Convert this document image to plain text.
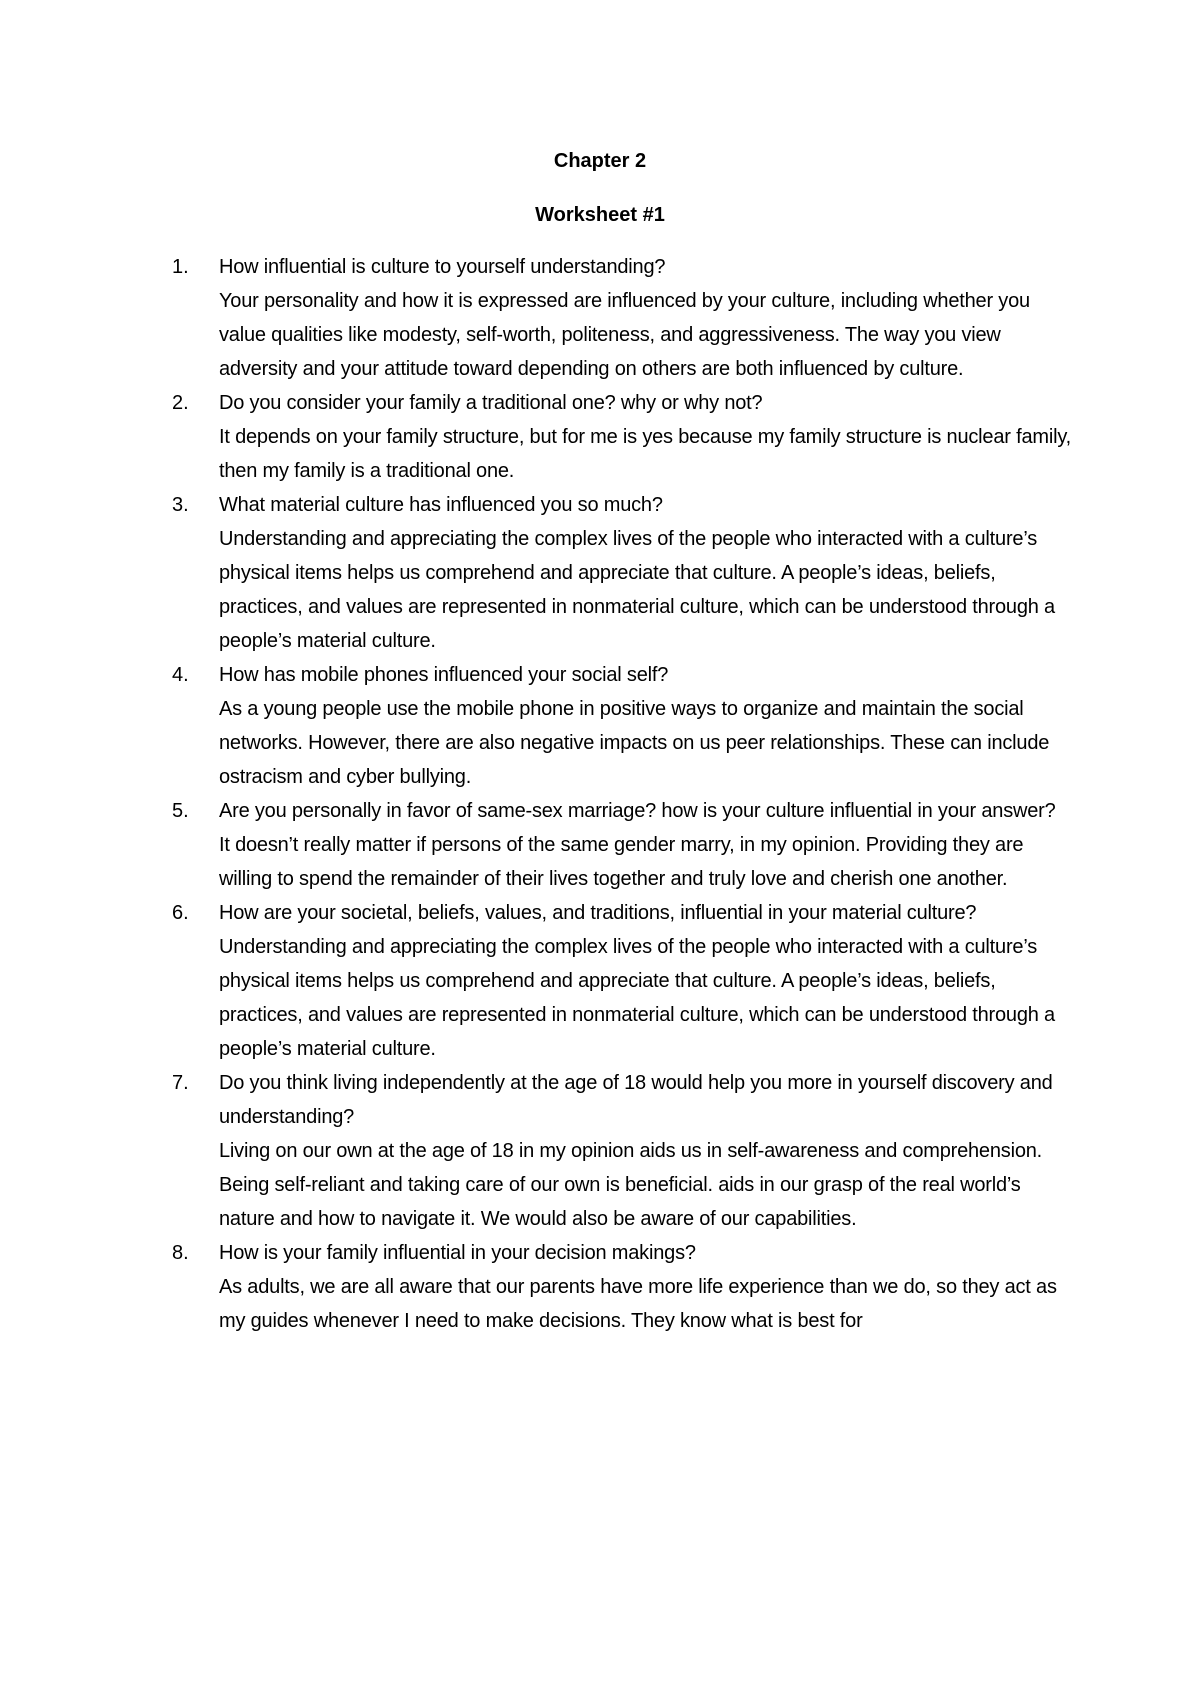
Chapter 2
Worksheet #1
1. How influential is culture to yourself understanding?
Your personality and how it is expressed are influenced by your culture, including whether you value qualities like modesty, self-worth, politeness, and aggressiveness. The way you view adversity and your attitude toward depending on others are both influenced by culture.
2. Do you consider your family a traditional one? why or why not?
It depends on your family structure, but for me is yes because my family structure is nuclear family, then my family is a traditional one.
3. What material culture has influenced you so much?
Understanding and appreciating the complex lives of the people who interacted with a culture’s physical items helps us comprehend and appreciate that culture. A people’s ideas, beliefs, practices, and values are represented in nonmaterial culture, which can be understood through a people’s material culture.
4. How has mobile phones influenced your social self?
As a young people use the mobile phone in positive ways to organize and maintain the social networks. However, there are also negative impacts on us peer relationships. These can include ostracism and cyber bullying.
5. Are you personally in favor of same-sex marriage? how is your culture influential in your answer?
It doesn’t really matter if persons of the same gender marry, in my opinion. Providing they are willing to spend the remainder of their lives together and truly love and cherish one another.
6. How are your societal, beliefs, values, and traditions, influential in your material culture?
Understanding and appreciating the complex lives of the people who interacted with a culture’s physical items helps us comprehend and appreciate that culture. A people’s ideas, beliefs, practices, and values are represented in nonmaterial culture, which can be understood through a people’s material culture.
7. Do you think living independently at the age of 18 would help you more in yourself discovery and understanding?
Living on our own at the age of 18 in my opinion aids us in self-awareness and comprehension. Being self-reliant and taking care of our own is beneficial. aids in our grasp of the real world’s nature and how to navigate it. We would also be aware of our capabilities.
8. How is your family influential in your decision makings?
As adults, we are all aware that our parents have more life experience than we do, so they act as my guides whenever I need to make decisions. They know what is best for
